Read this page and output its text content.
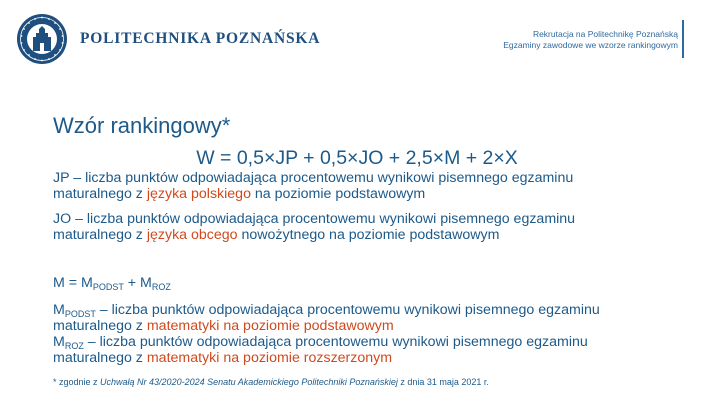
POLITECHNIKA POZNAŃSKA	Rekrutacja na Politechnikę Poznańską
Egzaminy zawodowe we wzorze rankingowym
Wzór rankingowy*
W = 0,5×JP + 0,5×JO + 2,5×M + 2×X
JP – liczba punktów odpowiadająca procentowemu wynikowi pisemnego egzaminu
maturalnego z języka polskiego na poziomie podstawowym
JO – liczba punktów odpowiadająca procentowemu wynikowi pisemnego egzaminu
maturalnego z języka obcego nowożytnego na poziomie podstawowym
$M = M_{PODST} + M_{ROZ}$
$M_{PODST}$ – liczba punktów odpowiadająca procentowemu wynikowi pisemnego egzaminu
maturalnego z matematyki na poziomie podstawowym
$M_{ROZ}$ – liczba punktów odpowiadająca procentowemu wynikowi pisemnego egzaminu
maturalnego z matematyki na poziomie rozszerzonym
* zgodnie z Uchwałą Nr 43/2020-2024 Senatu Akademickiego Politechniki Poznańskiej z dnia 31 maja 2021 r.
